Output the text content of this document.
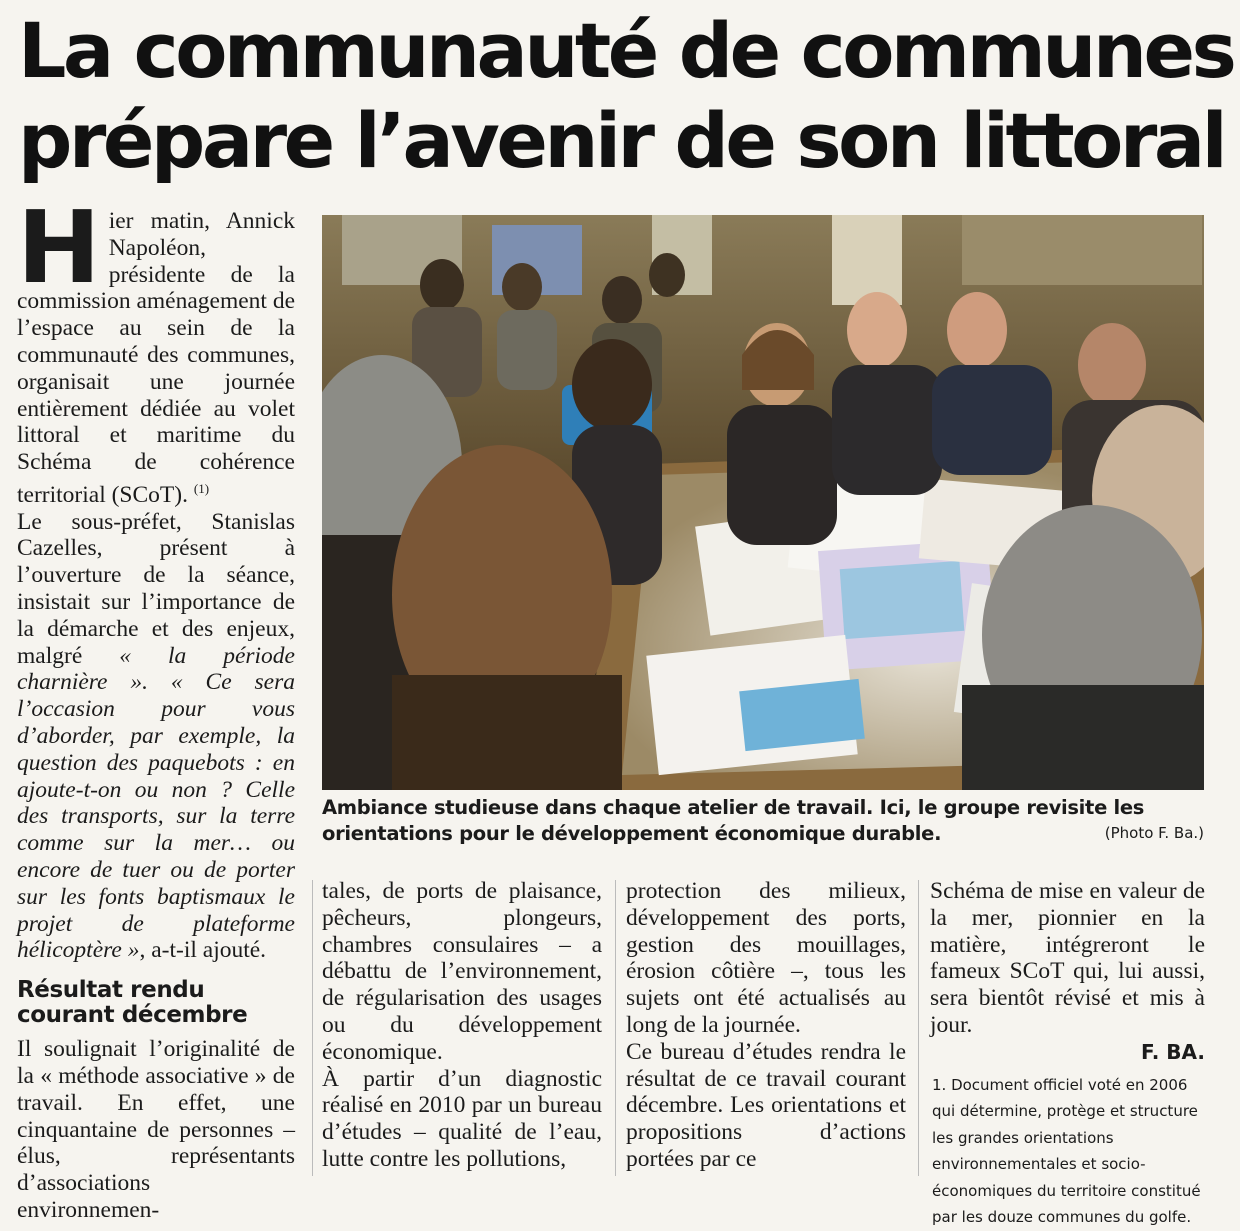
La communauté de communes
prépare l’avenir de son littoral

Hier matin, Annick Napoléon, présidente de la commission aménagement de l’espace au sein de la communauté des communes, organisait une journée entièrement dédiée au volet littoral et maritime du Schéma de cohérence territorial (SCoT). $^{(1)}$

Le sous-préfet, Stanislas Cazelles, présent à l’ouverture de la séance, insistait sur l’importance de la démarche et des enjeux, malgré « la période charnière ». « Ce sera l’occasion pour vous d’aborder, par exemple, la question des paquebots : en ajoute-t-on ou non ? Celle des transports, sur la terre comme sur la mer… ou encore de tuer ou de porter sur les fonts baptismaux le projet de plateforme hélicoptère », a-t-il ajouté.

Résultat rendu courant décembre

Il soulignait l’originalité de la « méthode associative » de travail. En effet, une cinquantaine de personnes – élus, représentants d’associations environnemen-

Ambiance studieuse dans chaque atelier de travail. Ici, le groupe revisite les orientations pour le développement économique durable.	(Photo F. Ba.)

tales, de ports de plaisance, pêcheurs, plongeurs, chambres consulaires – a débattu de l’environnement, de régularisation des usages ou du développement économique.

À partir d’un diagnostic réalisé en 2010 par un bureau d’études – qualité de l’eau, lutte contre les pollutions,

protection des milieux, développement des ports, gestion des mouillages, érosion côtière –, tous les sujets ont été actualisés au long de la journée.

Ce bureau d’études rendra le résultat de ce travail courant décembre. Les orientations et propositions d’actions portées par ce

Schéma de mise en valeur de la mer, pionnier en la matière, intégreront le fameux SCoT qui, lui aussi, sera bientôt révisé et mis à jour.

F. BA.

1. Document officiel voté en 2006 qui détermine, protège et structure les grandes orientations environnementales et socio-économiques du territoire constitué par les douze communes du golfe.
